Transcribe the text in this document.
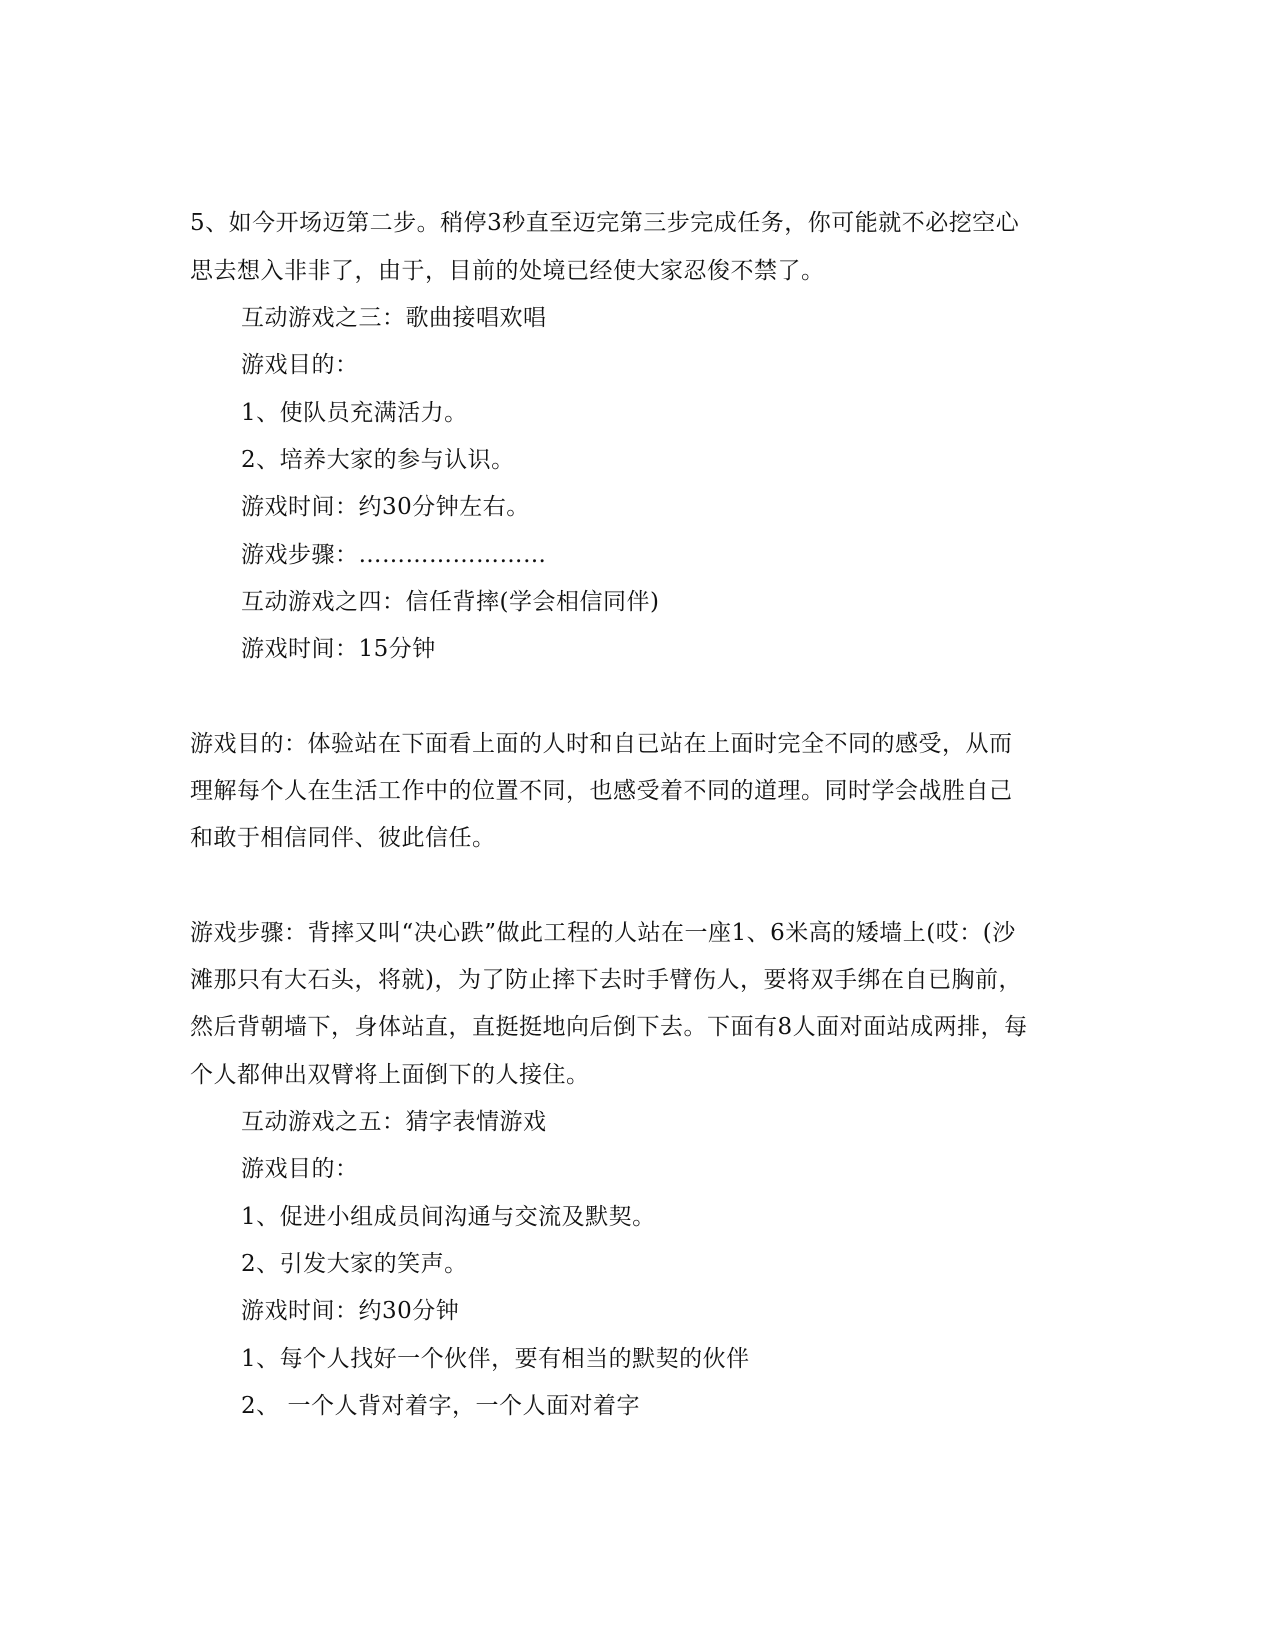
5、如今开场迈第二步。稍停3秒直至迈完第三步完成任务，你可能就不必挖空心
思去想入非非了，由于，目前的处境已经使大家忍俊不禁了。
互动游戏之三：歌曲接唱欢唱
游戏目的：
1、使队员充满活力。
2、培养大家的参与认识。
游戏时间：约30分钟左右。
游戏步骤：……………………
互动游戏之四：信任背摔(学会相信同伴)
游戏时间：15分钟
游戏目的：体验站在下面看上面的人时和自已站在上面时完全不同的感受，从而
理解每个人在生活工作中的位置不同，也感受着不同的道理。同时学会战胜自己
和敢于相信同伴、彼此信任。
游戏步骤：背摔又叫“决心跌”做此工程的人站在一座1、6米高的矮墙上(哎：(沙
滩那只有大石头，将就)，为了防止摔下去时手臂伤人，要将双手绑在自已胸前，
然后背朝墙下，身体站直，直挺挺地向后倒下去。下面有8人面对面站成两排，每
个人都伸出双臂将上面倒下的人接住。
互动游戏之五：猜字表情游戏
游戏目的：
1、促进小组成员间沟通与交流及默契。
2、引发大家的笑声。
游戏时间：约30分钟
1、每个人找好一个伙伴，要有相当的默契的伙伴
2、 一个人背对着字，一个人面对着字
